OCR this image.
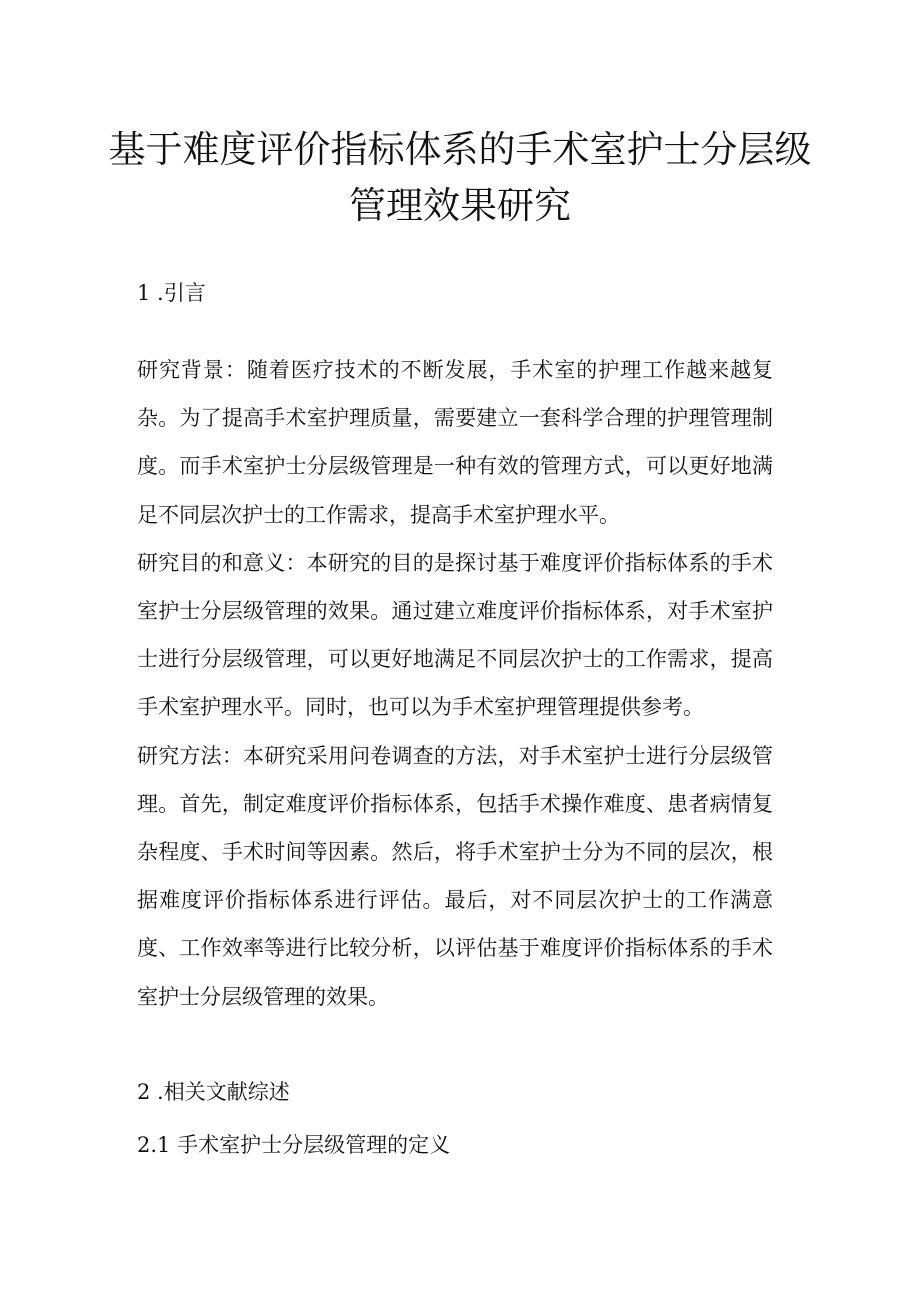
基于难度评价指标体系的手术室护士分层级管理效果研究
1 .引言

研究背景：随着医疗技术的不断发展，手术室的护理工作越来越复杂。为了提高手术室护理质量，需要建立一套科学合理的护理管理制度。而手术室护士分层级管理是一种有效的管理方式，可以更好地满足不同层次护士的工作需求，提高手术室护理水平。

研究目的和意义：本研究的目的是探讨基于难度评价指标体系的手术室护士分层级管理的效果。通过建立难度评价指标体系，对手术室护士进行分层级管理，可以更好地满足不同层次护士的工作需求，提高手术室护理水平。同时，也可以为手术室护理管理提供参考。

研究方法：本研究采用问卷调查的方法，对手术室护士进行分层级管理。首先，制定难度评价指标体系，包括手术操作难度、患者病情复杂程度、手术时间等因素。然后，将手术室护士分为不同的层次，根据难度评价指标体系进行评估。最后，对不同层次护士的工作满意度、工作效率等进行比较分析，以评估基于难度评价指标体系的手术室护士分层级管理的效果。

2 .相关文献综述
2.1 手术室护士分层级管理的定义
